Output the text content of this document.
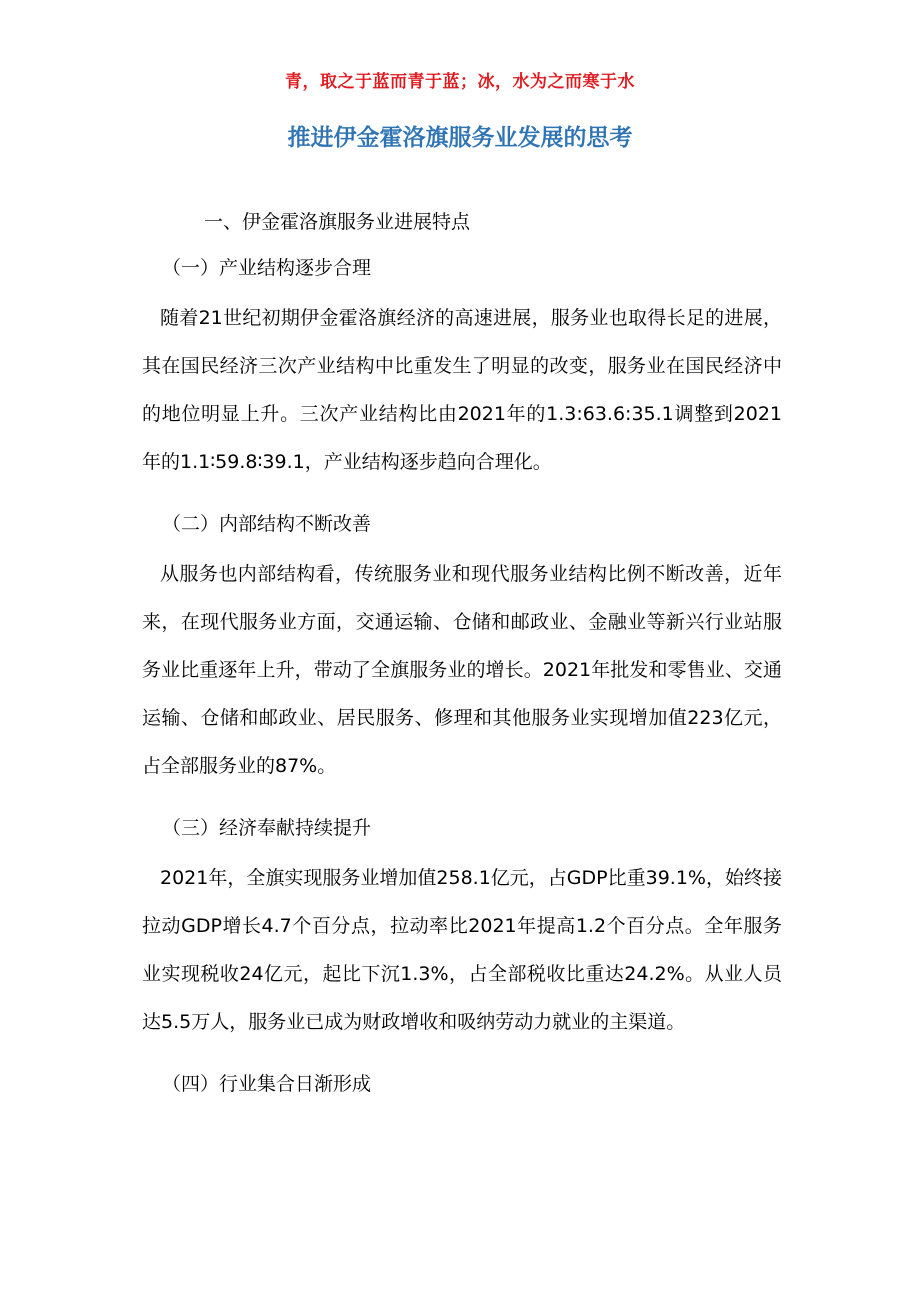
青，取之于蓝而青于蓝；冰，水为之而寒于水
推进伊金霍洛旗服务业发展的思考

一、伊金霍洛旗服务业进展特点

（一）产业结构逐步合理

随着21世纪初期伊金霍洛旗经济的高速进展，服务业也取得长足的进展，其在国民经济三次产业结构中比重发生了明显的改变，服务业在国民经济中的地位明显上升。三次产业结构比由2021年的1.3:63.6:35.1调整到2021年的1.1∶59.8∶39.1，产业结构逐步趋向合理化。

（二）内部结构不断改善

从服务也内部结构看，传统服务业和现代服务业结构比例不断改善，近年来，在现代服务业方面，交通运输、仓储和邮政业、金融业等新兴行业站服务业比重逐年上升，带动了全旗服务业的增长。2021年批发和零售业、交通运输、仓储和邮政业、居民服务、修理和其他服务业实现增加值223亿元，占全部服务业的87%。

（三）经济奉献持续提升

2021年，全旗实现服务业增加值258.1亿元，占GDP比重39.1%，始终接拉动GDP增长4.7个百分点，拉动率比2021年提高1.2个百分点。全年服务业实现税收24亿元，起比下沉1.3%，占全部税收比重达24.2%。从业人员达5.5万人，服务业已成为财政增收和吸纳劳动力就业的主渠道。

（四）行业集合日渐形成
